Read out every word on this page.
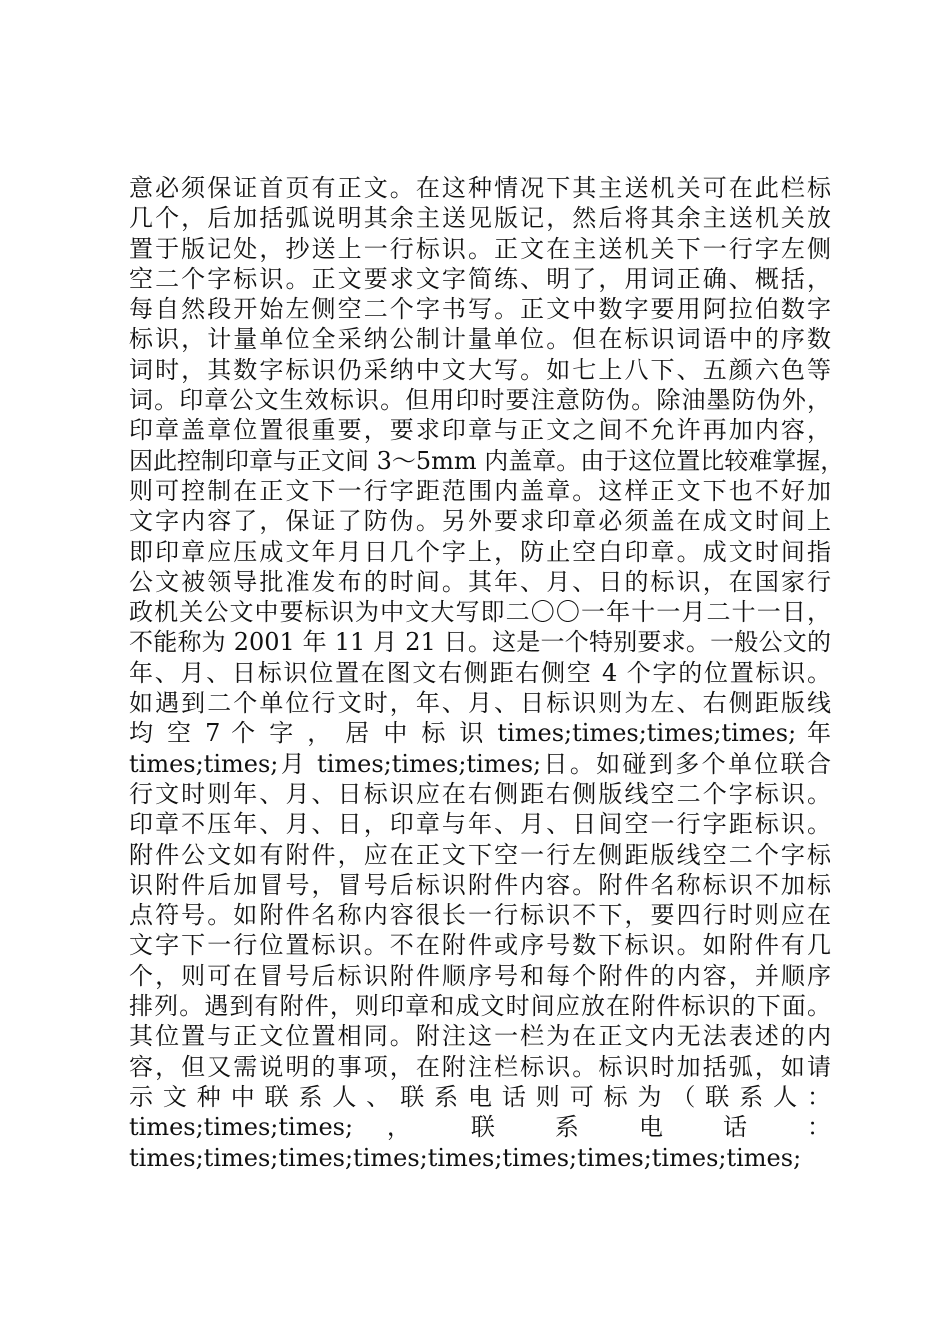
意必须保证首页有正文。在这种情况下其主送机关可在此栏标
几个，后加括弧说明其余主送见版记，然后将其余主送机关放
置于版记处，抄送上一行标识。正文在主送机关下一行字左侧
空二个字标识。正文要求文字简练、明了，用词正确、概括，
每自然段开始左侧空二个字书写。正文中数字要用阿拉伯数字
标识，计量单位全采纳公制计量单位。但在标识词语中的序数
词时，其数字标识仍采纳中文大写。如七上八下、五颜六色等
词。印章公文生效标识。但用印时要注意防伪。除油墨防伪外，
印章盖章位置很重要，要求印章与正文之间不允许再加内容，
因此控制印章与正文间 3～5mm 内盖章。由于这位置比较难掌握，
则可控制在正文下一行字距范围内盖章。这样正文下也不好加
文字内容了，保证了防伪。另外要求印章必须盖在成文时间上
即印章应压成文年月日几个字上，防止空白印章。成文时间指
公文被领导批准发布的时间。其年、月、日的标识，在国家行
政机关公文中要标识为中文大写即二〇〇一年十一月二十一日，
不能称为 2001 年 11 月 21 日。这是一个特别要求。一般公文的
年、月、日标识位置在图文右侧距右侧空 4 个字的位置标识。
如遇到二个单位行文时，年、月、日标识则为左、右侧距版线
均 空 7 个 字 ， 居 中 标 识 times;times;times;times; 年
times;times;月 times;times;times;日。如碰到多个单位联合
行文时则年、月、日标识应在右侧距右侧版线空二个字标识。
印章不压年、月、日，印章与年、月、日间空一行字距标识。
附件公文如有附件，应在正文下空一行左侧距版线空二个字标
识附件后加冒号，冒号后标识附件内容。附件名称标识不加标
点符号。如附件名称内容很长一行标识不下，要四行时则应在
文字下一行位置标识。不在附件或序号数下标识。如附件有几
个，则可在冒号后标识附件顺序号和每个附件的内容，并顺序
排列。遇到有附件，则印章和成文时间应放在附件标识的下面。
其位置与正文位置相同。附注这一栏为在正文内无法表述的内
容，但又需说明的事项，在附注栏标识。标识时加括弧，如请
示 文 种 中 联 系 人 、 联 系 电 话 则 可 标 为 （ 联 系 人 ：
times;times;times; ， 联 系 电 话 ：
times;times;times;times;times;times;times;times;times;
